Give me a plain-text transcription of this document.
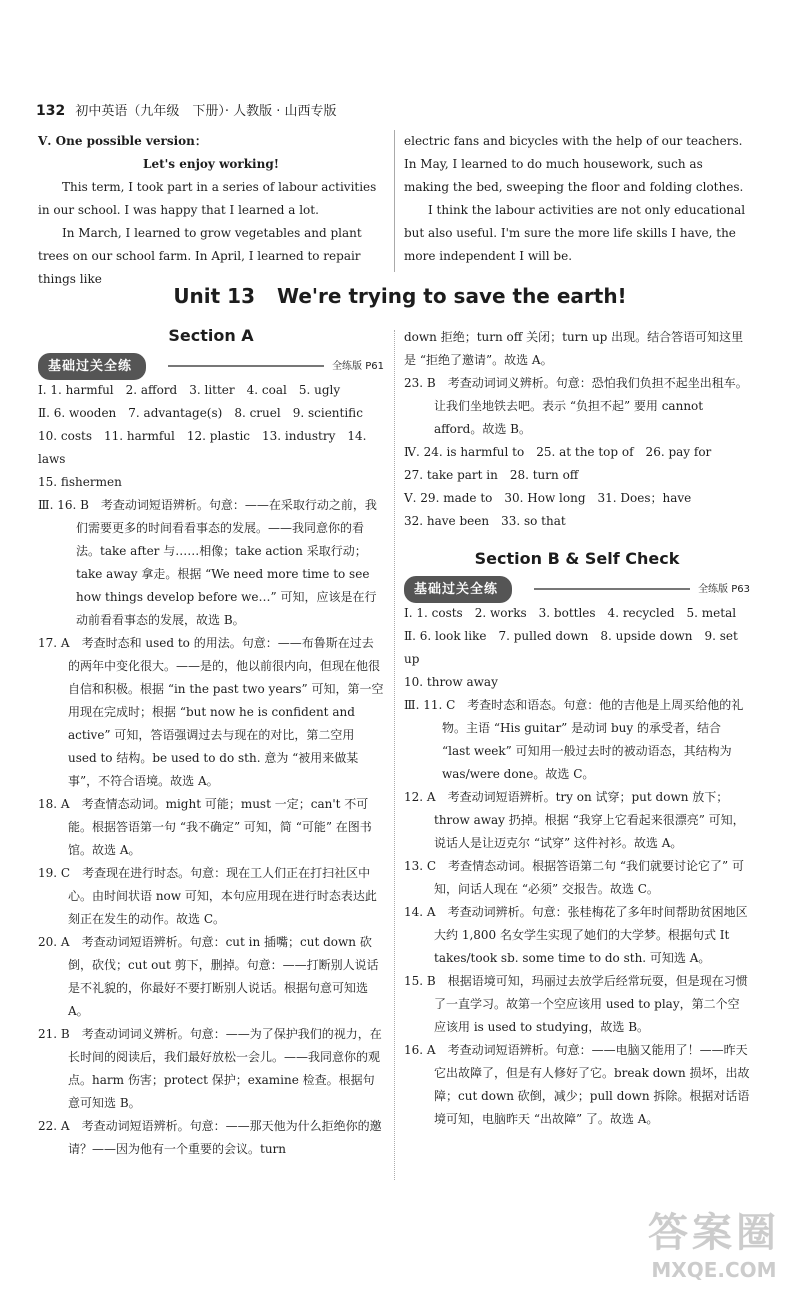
132 初中英语（九年级　下册）· 人教版 · 山西专版

Ⅴ. One possible version：

Let's enjoy working!

This term, I took part in a series of labour activities in our school. I was happy that I learned a lot.

In March, I learned to grow vegetables and plant trees on our school farm. In April, I learned to repair things like

electric fans and bicycles with the help of our teachers. In May, I learned to do much housework, such as making the bed, sweeping the floor and folding clothes.

I think the labour activities are not only educational but also useful. I'm sure the more life skills I have, the more independent I will be.

Unit 13 We're trying to save the earth!

Section A

基础过关全练	全练版 P61

Ⅰ. 1. harmful　2. afford　3. litter　4. coal　5. ugly

Ⅱ. 6. wooden　7. advantage(s)　8. cruel　9. scientific

10. costs　11. harmful　12. plastic　13. industry　14. laws

15. fishermen

Ⅲ. 16. B　考查动词短语辨析。句意：——在采取行动之前，我们需要更多的时间看看事态的发展。——我同意你的看法。take after 与……相像；take action 采取行动；take away 拿走。根据 “We need more time to see how things develop before we…” 可知，应该是在行动前看看事态的发展，故选 B。

17. A　考查时态和 used to 的用法。句意：——布鲁斯在过去的两年中变化很大。——是的，他以前很内向，但现在他很自信和积极。根据 “in the past two years” 可知，第一空用现在完成时；根据 “but now he is confident and active” 可知，答语强调过去与现在的对比，第二空用 used to 结构。be used to do sth. 意为 “被用来做某事”，不符合语境。故选 A。

18. A　考查情态动词。might 可能；must 一定；can't 不可能。根据答语第一句 “我不确定” 可知，简 “可能” 在图书馆。故选 A。

19. C　考查现在进行时态。句意：现在工人们正在打扫社区中心。由时间状语 now 可知，本句应用现在进行时态表达此刻正在发生的动作。故选 C。

20. A　考查动词短语辨析。句意：cut in 插嘴；cut down 砍倒，砍伐；cut out 剪下，删掉。句意：——打断别人说话是不礼貌的，你最好不要打断别人说话。根据句意可知选 A。

21. B　考查动词词义辨析。句意：——为了保护我们的视力，在长时间的阅读后，我们最好放松一会儿。——我同意你的观点。harm 伤害；protect 保护；examine 检查。根据句意可知选 B。

22. A　考查动词短语辨析。句意：——那天他为什么拒绝你的邀请？——因为他有一个重要的会议。turn

down 拒绝；turn off 关闭；turn up 出现。结合答语可知这里是 “拒绝了邀请”。故选 A。

23. B　考查动词词义辨析。句意：恐怕我们负担不起坐出租车。让我们坐地铁去吧。表示 “负担不起” 要用 cannot afford。故选 B。

Ⅳ. 24. is harmful to　25. at the top of　26. pay for

27. take part in　28. turn off

Ⅴ. 29. made to　30. How long　31. Does；have

32. have been　33. so that

Section B & Self Check

基础过关全练	全练版 P63

Ⅰ. 1. costs　2. works　3. bottles　4. recycled　5. metal

Ⅱ. 6. look like　7. pulled down　8. upside down　9. set up

10. throw away

Ⅲ. 11. C　考查时态和语态。句意：他的吉他是上周买给他的礼物。主语 “His guitar” 是动词 buy 的承受者，结合 “last week” 可知用一般过去时的被动语态，其结构为 was/were done。故选 C。

12. A　考查动词短语辨析。try on 试穿；put down 放下；throw away 扔掉。根据 “我穿上它看起来很漂亮” 可知，说话人是让迈克尔 “试穿” 这件衬衫。故选 A。

13. C　考查情态动词。根据答语第二句 “我们就要讨论它了” 可知，问话人现在 “必须” 交报告。故选 C。

14. A　考查动词辨析。句意：张桂梅花了多年时间帮助贫困地区大约 1,800 名女学生实现了她们的大学梦。根据句式 It takes/took sb. some time to do sth. 可知选 A。

15. B　根据语境可知，玛丽过去放学后经常玩耍，但是现在习惯了一直学习。故第一个空应该用 used to play，第二个空应该用 is used to studying，故选 B。

16. A　考查动词短语辨析。句意：——电脑又能用了！——昨天它出故障了，但是有人修好了它。break down 损坏，出故障；cut down 砍倒，减少；pull down 拆除。根据对话语境可知，电脑昨天 “出故障” 了。故选 A。

答案圈
MXQE.COM
